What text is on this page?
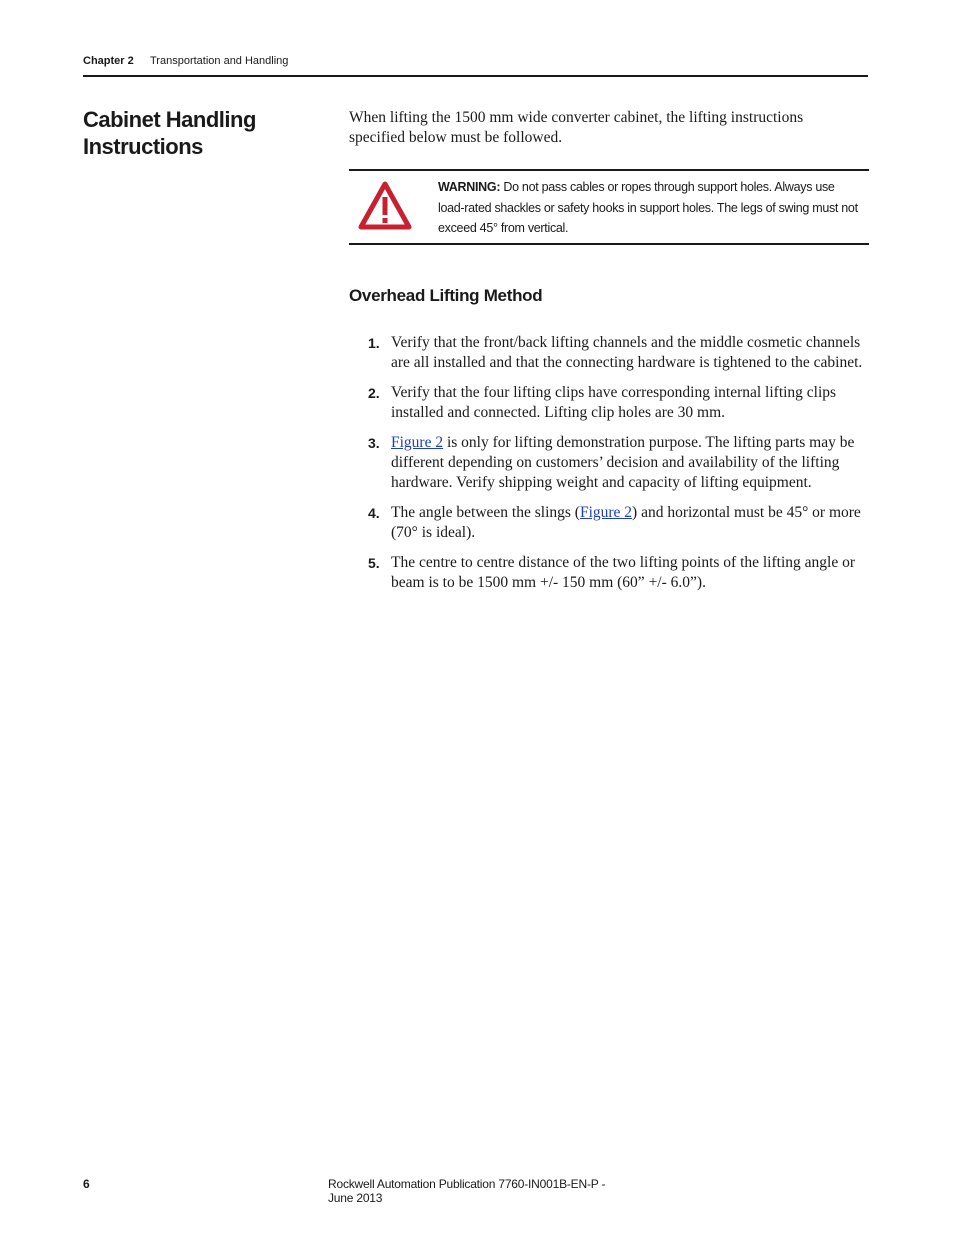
Chapter 2 Transportation and Handling
Cabinet Handling Instructions

When lifting the 1500 mm wide converter cabinet, the lifting instructions specified below must be followed.

WARNING: Do not pass cables or ropes through support holes. Always use load-rated shackles or safety hooks in support holes. The legs of swing must not exceed 45° from vertical.
Overhead Lifting Method
1. Verify that the front/back lifting channels and the middle cosmetic channels are all installed and that the connecting hardware is tightened to the cabinet.
2. Verify that the four lifting clips have corresponding internal lifting clips installed and connected. Lifting clip holes are 30 mm.
3. Figure 2 is only for lifting demonstration purpose. The lifting parts may be different depending on customers’ decision and availability of the lifting hardware. Verify shipping weight and capacity of lifting equipment.
4. The angle between the slings (Figure 2) and horizontal must be 45° or more (70° is ideal).
5. The centre to centre distance of the two lifting points of the lifting angle or beam is to be 1500 mm +/- 150 mm (60” +/- 6.0”).
6	Rockwell Automation Publication 7760-IN001B-EN-P - June 2013
